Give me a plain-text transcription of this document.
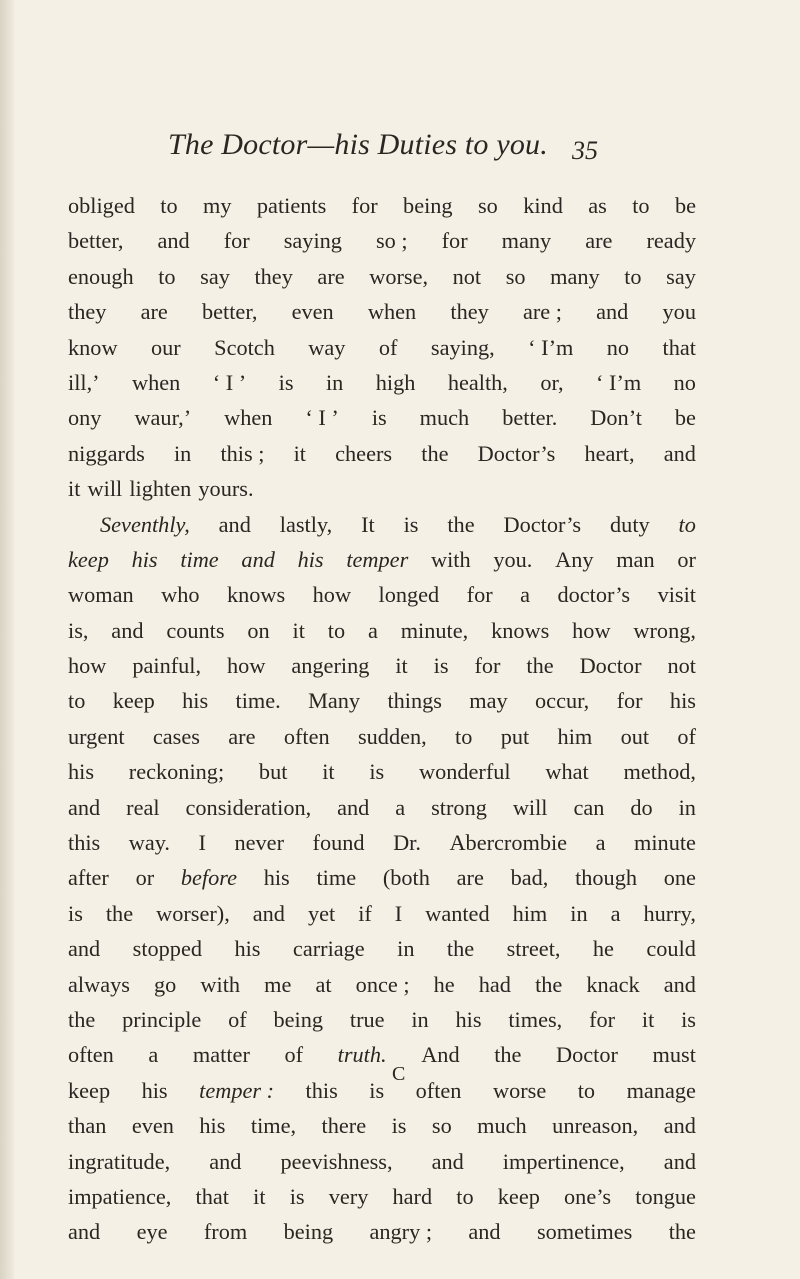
The Doctor—his Duties to you. 35
obliged to my patients for being so kind as to be
better, and for saying so ; for many are ready
enough to say they are worse, not so many to say
they are better, even when they are ; and you
know our Scotch way of saying, ‘ I’m no that
ill,’ when ‘ I ’ is in high health, or, ‘ I’m no
ony waur,’ when ‘ I ’ is much better. Don’t be
niggards in this ; it cheers the Doctor’s heart, and
it will lighten yours.
Seventhly, and lastly, It is the Doctor’s duty to
keep his time and his temper with you. Any man or
woman who knows how longed for a doctor’s visit
is, and counts on it to a minute, knows how wrong,
how painful, how angering it is for the Doctor not
to keep his time. Many things may occur, for his
urgent cases are often sudden, to put him out of
his reckoning; but it is wonderful what method,
and real consideration, and a strong will can do in
this way. I never found Dr. Abercrombie a minute
after or before his time (both are bad, though one
is the worser), and yet if I wanted him in a hurry,
and stopped his carriage in the street, he could
always go with me at once ; he had the knack and
the principle of being true in his times, for it is
often a matter of truth. And the Doctor must
keep his temper : this is often worse to manage
than even his time, there is so much unreason, and
ingratitude, and peevishness, and impertinence, and
impatience, that it is very hard to keep one’s tongue
and eye from being angry ; and sometimes the
C
